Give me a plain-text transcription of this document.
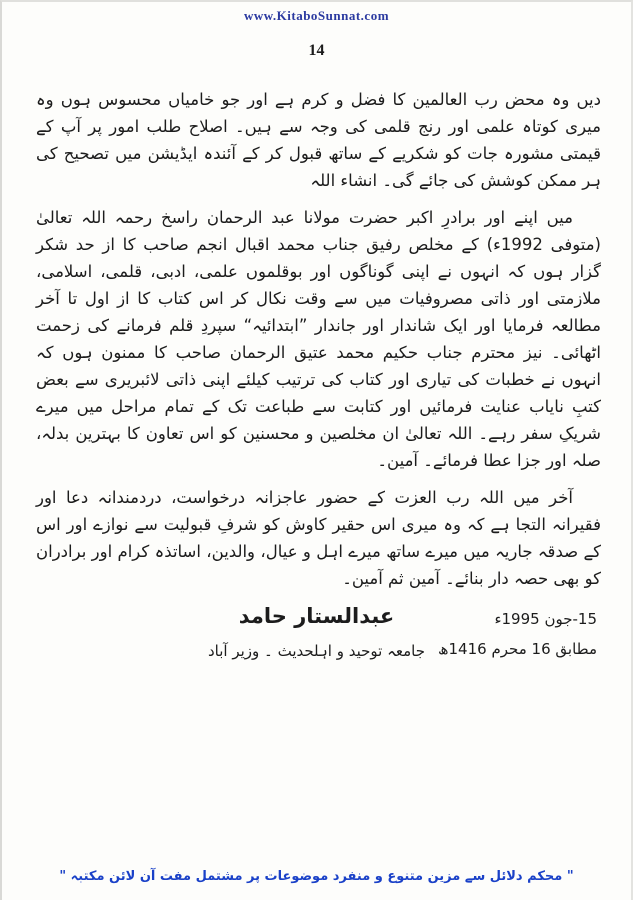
www.KitaboSunnat.com
14

دیں وہ محض رب العالمین کا فضل و کرم ہے اور جو خامیاں محسوس ہوں وہ میری کوتاہ علمی اور رنج قلمی کی وجہ سے ہیں۔ اصلاح طلب امور پر آپ کے قیمتی مشورہ جات کو شکریے کے ساتھ قبول کر کے آئندہ ایڈیشن میں تصحیح کی ہر ممکن کوشش کی جائے گی۔ انشاء اللہ

میں اپنے اور برادرِ اکبر حضرت مولانا عبد الرحمان راسخ رحمہ اللہ تعالیٰ (متوفی 1992ء) کے مخلص رفیق جناب محمد اقبال انجم صاحب کا از حد شکر گزار ہوں کہ انہوں نے اپنی گوناگوں اور بوقلموں علمی، ادبی، قلمی، اسلامی، ملازمتی اور ذاتی مصروفیات میں سے وقت نکال کر اس کتاب کا از اول تا آخر مطالعہ فرمایا اور ایک شاندار اور جاندار ”ابتدائیہ“ سپردِ قلم فرمانے کی زحمت اٹھائی۔ نیز محترم جناب حکیم محمد عتیق الرحمان صاحب کا ممنون ہوں کہ انہوں نے خطبات کی تیاری اور کتاب کی ترتیب کیلئے اپنی ذاتی لائبریری سے بعض کتبِ نایاب عنایت فرمائیں اور کتابت سے طباعت تک کے تمام مراحل میں میرے شریکِ سفر رہے۔ اللہ تعالیٰ ان مخلصین و محسنین کو اس تعاون کا بہترین بدلہ، صلہ اور جزا عطا فرمائے۔ آمین۔

آخر میں اللہ رب العزت کے حضور عاجزانہ درخواست، دردمندانہ دعا اور فقیرانہ التجا ہے کہ وہ میری اس حقیر کاوش کو شرفِ قبولیت سے نوازے اور اس کے صدقہ جاریہ میں میرے ساتھ میرے اہل و عیال، والدین، اساتذہ کرام اور برادران کو بھی حصہ دار بنائے۔ آمین ثم آمین۔

15-جون 1995ء
مطابق 16 محرم 1416ھ
عبدالستار حامد
جامعہ توحید و اہلحدیث ۔ وزیر آباد
" محکم دلائل سے مزین متنوع و منفرد موضوعات پر مشتمل مفت آن لائن مکتبہ "
